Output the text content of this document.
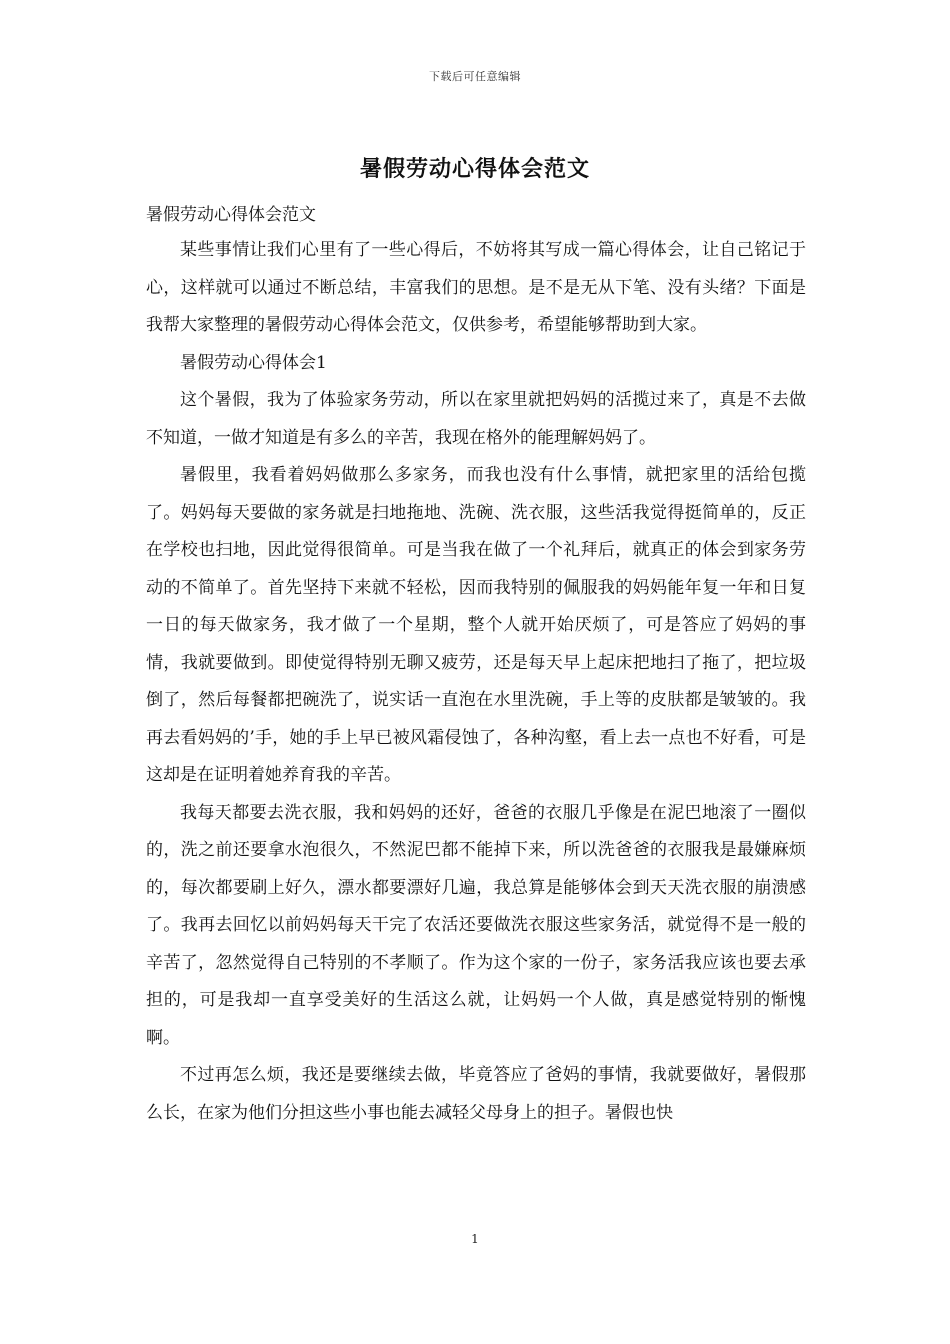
下载后可任意编辑
暑假劳动心得体会范文
暑假劳动心得体会范文

某些事情让我们心里有了一些心得后，不妨将其写成一篇心得体会，让自己铭记于心，这样就可以通过不断总结，丰富我们的思想。是不是无从下笔、没有头绪？下面是我帮大家整理的暑假劳动心得体会范文，仅供参考，希望能够帮助到大家。

暑假劳动心得体会1

这个暑假，我为了体验家务劳动，所以在家里就把妈妈的活揽过来了，真是不去做不知道，一做才知道是有多么的辛苦，我现在格外的能理解妈妈了。

暑假里，我看着妈妈做那么多家务，而我也没有什么事情，就把家里的活给包揽了。妈妈每天要做的家务就是扫地拖地、洗碗、洗衣服，这些活我觉得挺简单的，反正在学校也扫地，因此觉得很简单。可是当我在做了一个礼拜后，就真正的体会到家务劳动的不简单了。首先坚持下来就不轻松，因而我特别的佩服我的妈妈能年复一年和日复一日的每天做家务，我才做了一个星期，整个人就开始厌烦了，可是答应了妈妈的事情，我就要做到。即使觉得特别无聊又疲劳，还是每天早上起床把地扫了拖了，把垃圾倒了，然后每餐都把碗洗了，说实话一直泡在水里洗碗，手上等的皮肤都是皱皱的。我再去看妈妈的’手，她的手上早已被风霜侵蚀了，各种沟壑，看上去一点也不好看，可是这却是在证明着她养育我的辛苦。

我每天都要去洗衣服，我和妈妈的还好，爸爸的衣服几乎像是在泥巴地滚了一圈似的，洗之前还要拿水泡很久，不然泥巴都不能掉下来，所以洗爸爸的衣服我是最嫌麻烦的，每次都要刷上好久，漂水都要漂好几遍，我总算是能够体会到天天洗衣服的崩溃感了。我再去回忆以前妈妈每天干完了农活还要做洗衣服这些家务活，就觉得不是一般的辛苦了，忽然觉得自己特别的不孝顺了。作为这个家的一份子，家务活我应该也要去承担的，可是我却一直享受美好的生活这么就，让妈妈一个人做，真是感觉特别的惭愧啊。

不过再怎么烦，我还是要继续去做，毕竟答应了爸妈的事情，我就要做好，暑假那么长，在家为他们分担这些小事也能去减轻父母身上的担子。暑假也快

1
